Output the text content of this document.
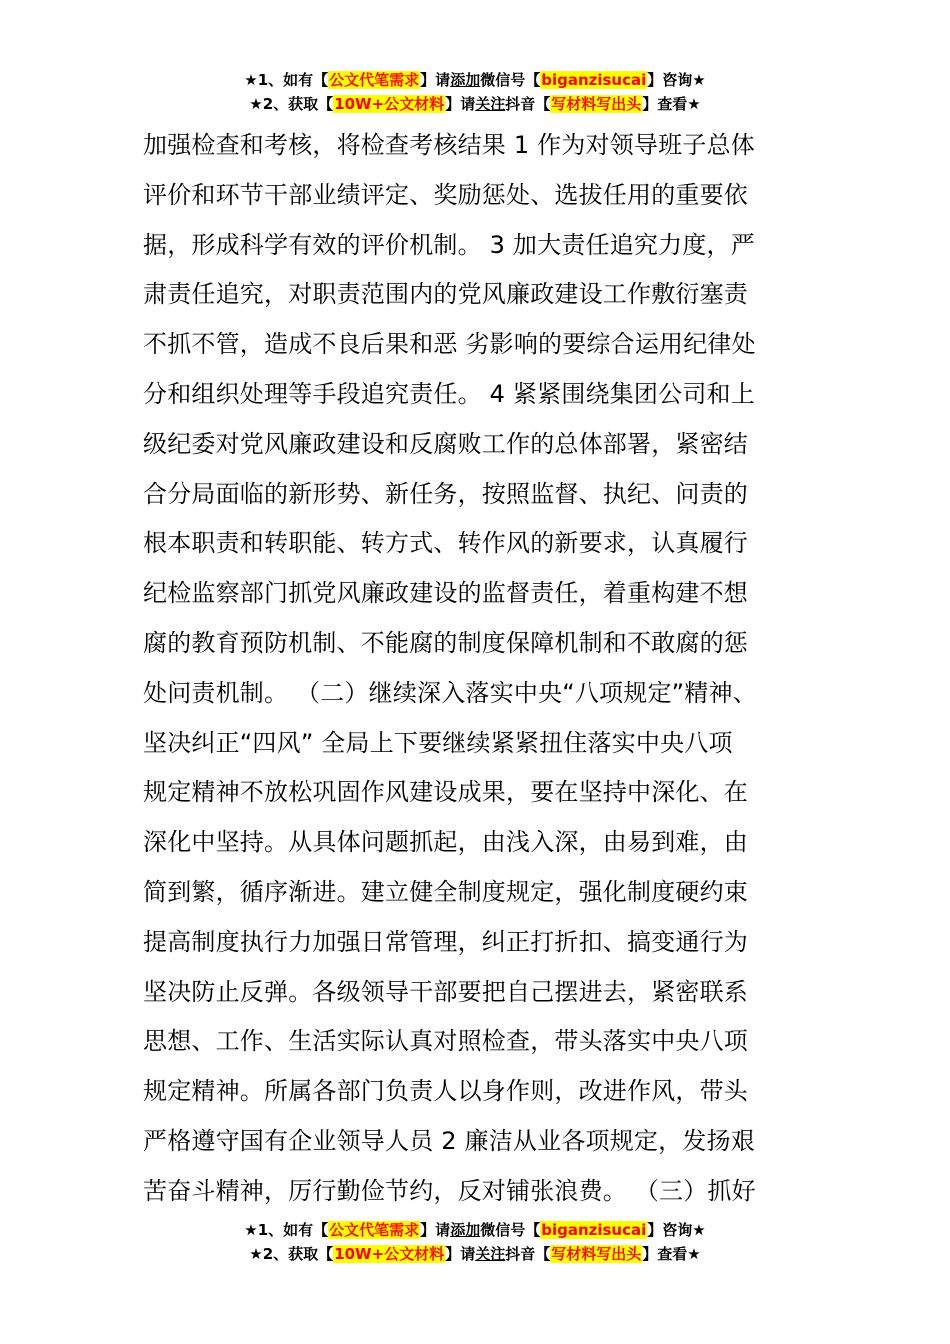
★1、如有【公文代笔需求】请添加微信号【biganzisucai】咨询★
★2、获取【10W+公文材料】请关注抖音【写材料写出头】查看★
加强检查和考核，将检查考核结果 1 作为对领导班子总体
评价和环节干部业绩评定、奖励惩处、选拔任用的重要依
据，形成科学有效的评价机制。 3 加大责任追究力度，严
肃责任追究，对职责范围内的党风廉政建设工作敷衍塞责
不抓不管，造成不良后果和恶 劣影响的要综合运用纪律处
分和组织处理等手段追究责任。 4 紧紧围绕集团公司和上
级纪委对党风廉政建设和反腐败工作的总体部署，紧密结
合分局面临的新形势、新任务，按照监督、执纪、问责的
根本职责和转职能、转方式、转作风的新要求，认真履行
纪检监察部门抓党风廉政建设的监督责任，着重构建不想
腐的教育预防机制、不能腐的制度保障机制和不敢腐的惩
处问责机制。 （二）继续深入落实中央“八项规定”精神、
坚决纠正“四风” 全局上下要继续紧紧扭住落实中央八项
规定精神不放松巩固作风建设成果，要在坚持中深化、在
深化中坚持。从具体问题抓起，由浅入深，由易到难，由
简到繁，循序渐进。建立健全制度规定，强化制度硬约束
提高制度执行力加强日常管理，纠正打折扣、搞变通行为
坚决防止反弹。各级领导干部要把自己摆进去，紧密联系
思想、工作、生活实际认真对照检查，带头落实中央八项
规定精神。所属各部门负责人以身作则，改进作风，带头
严格遵守国有企业领导人员 2 廉洁从业各项规定，发扬艰
苦奋斗精神，厉行勤俭节约，反对铺张浪费。 （三）抓好
★1、如有【公文代笔需求】请添加微信号【biganzisucai】咨询★
★2、获取【10W+公文材料】请关注抖音【写材料写出头】查看★
